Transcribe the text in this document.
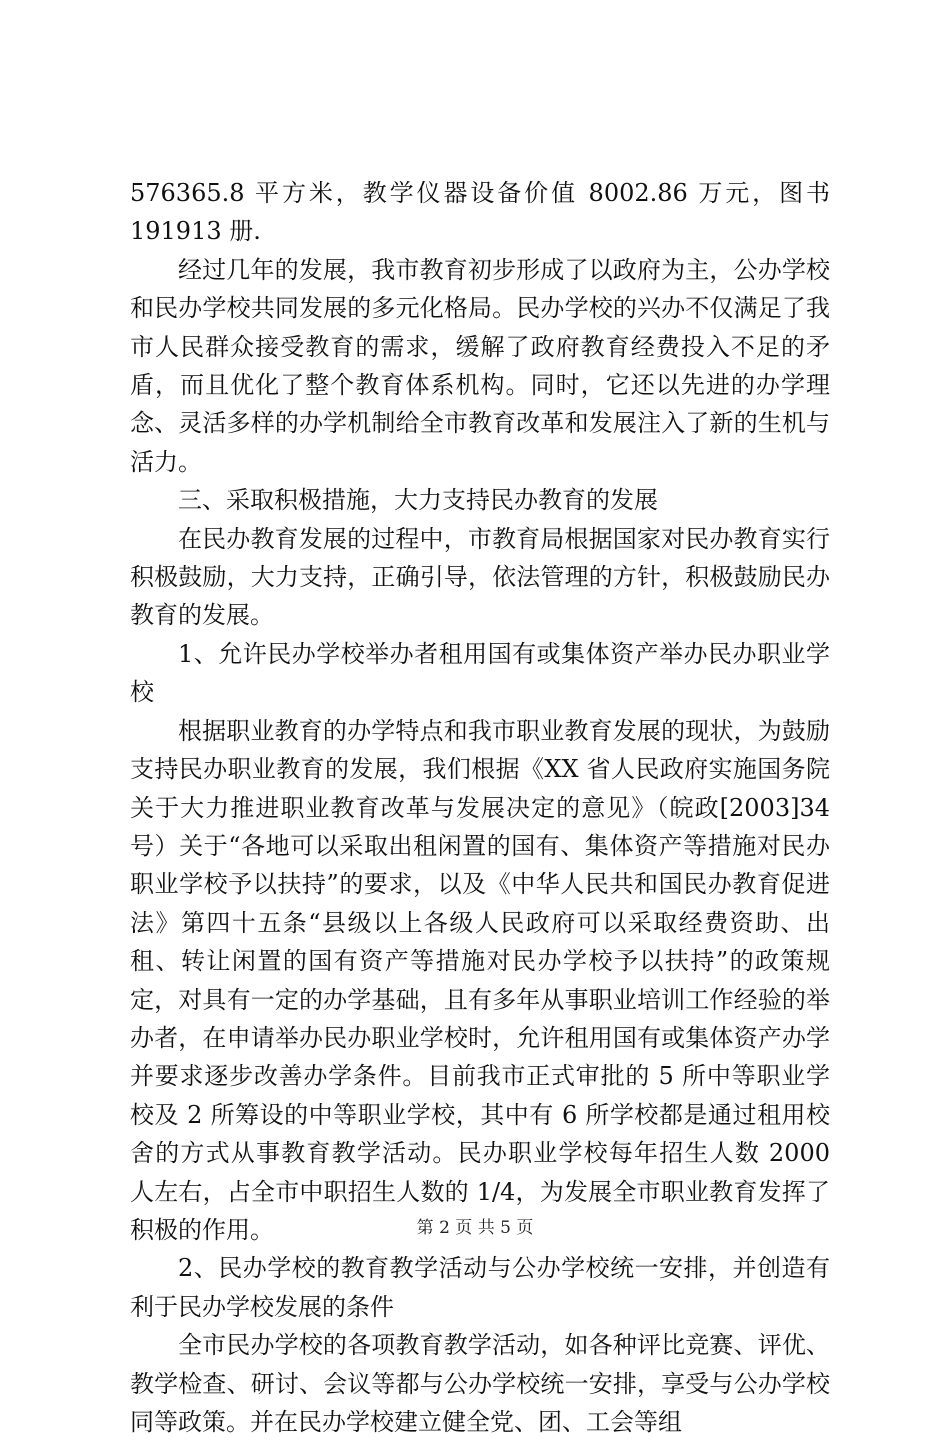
576365.8 平方米，教学仪器设备价值 8002.86 万元，图书191913 册.

经过几年的发展，我市教育初步形成了以政府为主，公办学校和民办学校共同发展的多元化格局。民办学校的兴办不仅满足了我市人民群众接受教育的需求，缓解了政府教育经费投入不足的矛盾，而且优化了整个教育体系机构。同时，它还以先进的办学理念、灵活多样的办学机制给全市教育改革和发展注入了新的生机与活力。

三、采取积极措施，大力支持民办教育的发展

在民办教育发展的过程中，市教育局根据国家对民办教育实行积极鼓励，大力支持，正确引导，依法管理的方针，积极鼓励民办教育的发展。

1、允许民办学校举办者租用国有或集体资产举办民办职业学校

根据职业教育的办学特点和我市职业教育发展的现状，为鼓励支持民办职业教育的发展，我们根据《XX 省人民政府实施国务院关于大力推进职业教育改革与发展决定的意见》（皖政[2003]34 号）关于“各地可以采取出租闲置的国有、集体资产等措施对民办职业学校予以扶持”的要求，以及《中华人民共和国民办教育促进法》第四十五条“县级以上各级人民政府可以采取经费资助、出租、转让闲置的国有资产等措施对民办学校予以扶持”的政策规定，对具有一定的办学基础，且有多年从事职业培训工作经验的举办者，在申请举办民办职业学校时，允许租用国有或集体资产办学并要求逐步改善办学条件。目前我市正式审批的 5 所中等职业学校及 2 所筹设的中等职业学校，其中有 6 所学校都是通过租用校舍的方式从事教育教学活动。民办职业学校每年招生人数 2000 人左右，占全市中职招生人数的 1/4，为发展全市职业教育发挥了积极的作用。

2、民办学校的教育教学活动与公办学校统一安排，并创造有利于民办学校发展的条件

全市民办学校的各项教育教学活动，如各种评比竞赛、评优、教学检查、研讨、会议等都与公办学校统一安排，享受与公办学校同等政策。并在民办学校建立健全党、团、工会等组

第 2 页 共 5 页
